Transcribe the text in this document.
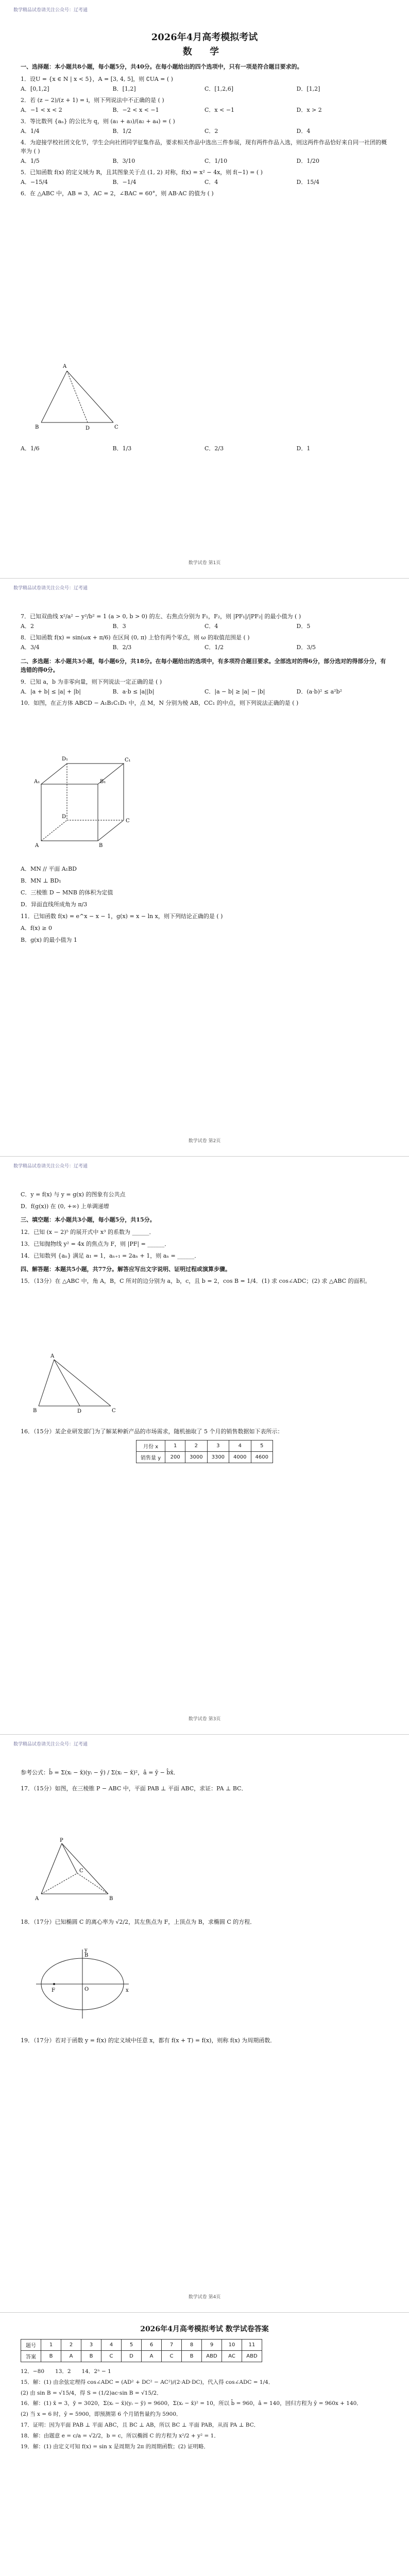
数学精品试卷请关注公众号：辽考通
2026年4月高考模拟考试
数 学
一、选择题：本小题共8小题，每小题5分，共40分。在每小题给出的四个选项中，只有一项是符合题目要求的。
1．设U = {x ∈ N | x < 5}，A = [3, 4, 5]，则 ∁UA = ( )
A．[0,1,2]	B．[1,2]	C．[1,2,6]	D．[1,2]
2．若 (z − 2)/(z + 1) = i，则下列说法中不正确的是 ( )
A．−1 < x < 2	B．−2 < x < −1	C．x < −1	D．x > 2
3．等比数列 {aₙ} 的公比为 q，则 (a₁ + a₃)/(a₂ + a₄) = ( )
A．1/4	B．1/2	C．2	D．4
4．为迎接学校社团文化节，学生会向社团同学征集作品，要求相关作品中选出三件参展，现有两件作品入选，则这两件作品恰好来自同一社团的概率为 ( )
A．1/5	B．3/10	C．1/10	D．1/20
5．已知函数 f(x) 的定义域为 R，且其图象关于点 (1, 2) 对称，f(x) = x² − 4x，则 f(−1) = ( )
A．−15/4	B．−1/4	C．4	D．15/4
6．在 △ABC 中，AB = 3，AC = 2，∠BAC = 60°，则 AB·AC 的值为 ( )
A
B	C
D
A．1/6	B．1/3	C．2/3	D．1
数学试卷 第1页
数学精品试卷请关注公众号：辽考通
7．已知双曲线 x²/a² − y²/b² = 1 (a > 0, b > 0) 的左、右焦点分别为 F₁，F₂，则 |PF₁|/|PF₂| 的最小值为 ( )
A．2	B．3	C．4	D．5
8．已知函数 f(x) = sin(ωx + π/6) 在区间 (0, π) 上恰有两个零点，则 ω 的取值范围是 ( )
A．3/4	B．2/3	C．1/2	D．3/5
二、多选题：本小题共3小题，每小题6分，共18分。在每小题给出的选项中，有多项符合题目要求。全部选对的得6分，部分选对的得部分分，有选错的得0分。
9．已知 a，b 为非零向量，则下列说法一定正确的是 ( )
A．|a + b| ≤ |a| + |b|	B．a·b ≤ |a||b|	C．|a − b| ≥ |a| − |b|	D．(a·b)² ≤ a²b²
10．如图，在正方体 ABCD − A₁B₁C₁D₁ 中，点 M，N 分别为棱 AB，CC₁ 的中点，则下列说法正确的是 ( )
A	B
C
D
A₁	B₁
C₁
D₁
A．MN // 平面 A₁BD
B．MN ⊥ BD₁
C．三棱锥 D − MNB 的体积为定值
D．异面直线所成角为 π/3
11．已知函数 f(x) = e^x − x − 1，g(x) = x − ln x，则下列结论正确的是 ( )
A．f(x) ≥ 0
B．g(x) 的最小值为 1
数学试卷 第2页
数学精品试卷请关注公众号：辽考通
C．y = f(x) 与 y = g(x) 的图象有公共点
D．f(g(x)) 在 (0, +∞) 上单调递增
三、填空题：本小题共3小题，每小题5分，共15分。
12．已知 (x − 2)⁵ 的展开式中 x³ 的系数为 ______．
13．已知抛物线 y² = 4x 的焦点为 F，则 |PF| = ______．
14．已知数列 {aₙ} 满足 a₁ = 1，aₙ₊₁ = 2aₙ + 1，则 aₙ = ______．
四、解答题：本题共5小题，共77分。解答应写出文字说明、证明过程或演算步骤。
15．（13分）在 △ABC 中，角 A，B，C 所对的边分别为 a，b，c，且 b = 2，cos B = 1/4．(1) 求 cos∠ADC；(2) 求 △ABC 的面积。
A
B	D	C
16．（15分）某企业研发部门为了解某种新产品的市场需求，随机抽取了 5 个月的销售数据如下表所示：
月份 x	1	2	3	4	5
销售量 y	200	3000	3300	4000	4600
数学试卷 第3页
数学精品试卷请关注公众号：辽考通
参考公式：b̂ = Σ(xᵢ − x̄)(yᵢ − ȳ) / Σ(xᵢ − x̄)²，â = ȳ − b̂x̄．
17．（15分）如图，在三棱锥 P − ABC 中，平面 PAB ⊥ 平面 ABC，求证：PA ⊥ BC．
P
A	B
C
18．（17分）已知椭圆 C 的离心率为 √2/2，其左焦点为 F，上顶点为 B，求椭圆 C 的方程．
F
B
O	x
y
19．（17分）若对于函数 y = f(x) 的定义域中任意 x，都有 f(x + T) = f(x)，则称 f(x) 为周期函数．
数学试卷 第4页
2026年4月高考模拟考试 数学试卷答案
题号	1	2	3	4	5	6	7	8	9	10	11
答案	B	A	B	C	D	A	C	B	ABD	AC	ABD
12．−80　　13．2　　14．2ⁿ − 1
15．解：(1) 由余弦定理得 cos∠ADC = (AD² + DC² − AC²)/(2·AD·DC)，代入得 cos∠ADC = 1/4．
(2) 由 sin B = √15/4，得 S = (1/2)ac·sin B = √15/2．
16．解：(1) x̄ = 3，ȳ = 3020，Σ(xᵢ − x̄)(yᵢ − ȳ) = 9600，Σ(xᵢ − x̄)² = 10，所以 b̂ = 960，â = 140，回归方程为 ŷ = 960x + 140．
(2) 当 x = 6 时，ŷ = 5900，即预测第 6 个月销售量约为 5900．
17．证明：因为平面 PAB ⊥ 平面 ABC，且 BC ⊥ AB，所以 BC ⊥ 平面 PAB，从而 PA ⊥ BC．
18．解：由题意 e = c/a = √2/2，b = c，所以椭圆 C 的方程为 x²/2 + y² = 1．
19．解：(1) 由定义可知 f(x) = sin x 是周期为 2π 的周期函数；(2) 证明略．
